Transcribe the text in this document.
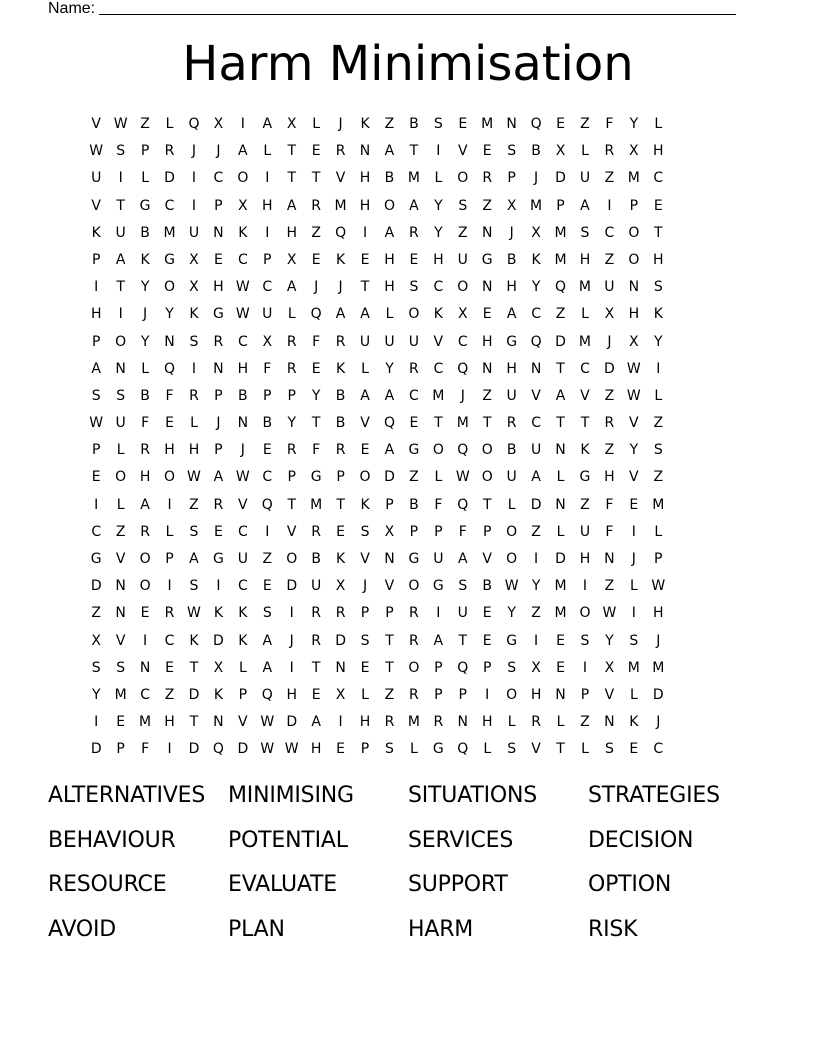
Name:
Harm Minimisation
V W Z	L	Q	X	I	A	X	L	J	K	Z	B	S	E M N Q	E	Z	F	Y	L
W S	P	R	J	J	A	L	T	E	R	N	A	T	I	V	E	S	B	X	L	R	X	H
U	I	L	D	I	C	O	I	T	T	V	H	B M	L	O	R	P	J	D U	Z M C
V	T	G	C	I	P	X	H	A	R M H O	A	Y	S	Z	X M	P	A	I	P	E
K	U	B M U	N	K	I	H	Z	Q	I	A	R	Y	Z	N	J	X M S	C	O	T
P	A	K	G	X	E	C	P	X	E	K	E	H	E	H	U G	B	K M H	Z	O H
I	T	Y	O	X	H W C	A	J	J	T	H	S	C	O N H	Y	Q M U	N	S
H	I	J	Y	K	G W U	L	Q	A	A	L	O	K	X	E	A	C	Z	L	X	H	K
P	O	Y	N	S	R	C	X	R	F	R	U	U	U	V	C	H G Q D M	J	X	Y
A	N	L	Q	I	N H	F	R	E	K	L	Y	R	C	Q N H N	T	C	D W	I
S	S	B	F	R	P	B	P	P	Y	B	A	A	C M	J	Z	U	V	A	V	Z W L
W U	F	E	L	J	N	B	Y	T	B	V	Q	E	T	M	T	R	C	T	T	R	V	Z
P	L	R	H H	P	J	E	R	F	R	E	A	G O Q O	B	U	N	K	Z	Y	S
E	O H O W A W C	P	G	P	O D	Z	L W O U	A	L	G H	V	Z
I	L	A	I	Z	R	V	Q	T	M	T	K	P	B	F	Q	T	L	D N	Z	F	E M
C	Z	R	L	S	E	C	I	V	R	E	S	X	P	P	F	P	O	Z	L	U	F	I	L
G	V	O	P	A	G U	Z	O	B	K	V	N G U	A	V	O	I	D H N	J	P
D N O	I	S	I	C	E	D U	X	J	V	O G	S	B W Y	M	I	Z	L W
Z	N	E	R W K	K	S	I	R	R	P	P	R	I	U	E	Y	Z M O W	I	H
X	V	I	C	K	D	K	A	J	R	D	S	T	R	A	T	E	G	I	E	S	Y	S	J
S	S	N	E	T	X	L	A	I	T	N	E	T	O	P	Q	P	S	X	E	I	X M M
Y	M C	Z	D	K	P	Q H	E	X	L	Z	R	P	P	I	O H N	P	V	L	D
I	E M H	T	N	V W D	A	I	H	R M R	N H	L	R	L	Z	N	K	J
D	P	F	I	D Q D W W H	E	P	S	L	G Q	L	S	V	T	L	S	E	C
ALTERNATIVES	MINIMISING	SITUATIONS	STRATEGIES
BEHAVIOUR	POTENTIAL	SERVICES	DECISION
RESOURCE	EVALUATE	SUPPORT	OPTION
AVOID	PLAN	HARM	RISK
